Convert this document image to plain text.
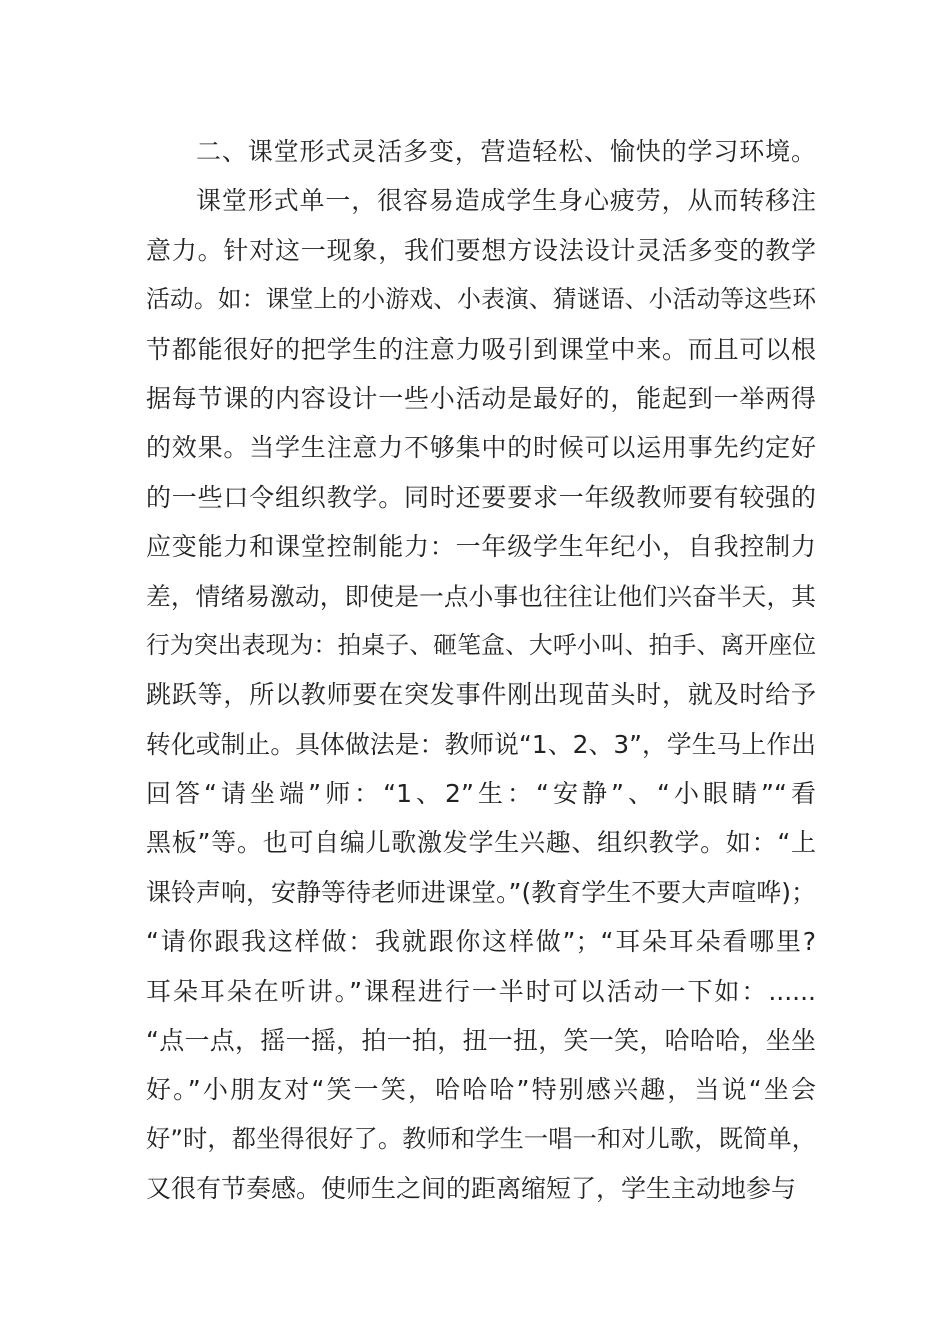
二、课堂形式灵活多变，营造轻松、愉快的学习环境。
课堂形式单一，很容易造成学生身心疲劳，从而转移注
意力。针对这一现象，我们要想方设法设计灵活多变的教学
活动。如：课堂上的小游戏、小表演、猜谜语、小活动等这些环
节都能很好的把学生的注意力吸引到课堂中来。而且可以根
据每节课的内容设计一些小活动是最好的，能起到一举两得
的效果。当学生注意力不够集中的时候可以运用事先约定好
的一些口令组织教学。同时还要要求一年级教师要有较强的
应变能力和课堂控制能力：一年级学生年纪小，自我控制力
差，情绪易激动，即使是一点小事也往往让他们兴奋半天，其
行为突出表现为：拍桌子、砸笔盒、大呼小叫、拍手、离开座位
跳跃等，所以教师要在突发事件刚出现苗头时，就及时给予
转化或制止。具体做法是：教师说“1、2、3”，学生马上作出
回答“请坐端”师：“1、2”生：“安静”、“小眼睛”“看
黑板”等。也可自编儿歌激发学生兴趣、组织教学。如：“上
课铃声响，安静等待老师进课堂。”(教育学生不要大声喧哗)；
“请你跟我这样做：我就跟你这样做”；“耳朵耳朵看哪里?
耳朵耳朵在听讲。”课程进行一半时可以活动一下如：......
“点一点，摇一摇，拍一拍，扭一扭，笑一笑，哈哈哈，坐坐
好。”小朋友对“笑一笑，哈哈哈”特别感兴趣，当说“坐会
好”时，都坐得很好了。教师和学生一唱一和对儿歌，既简单，
又很有节奏感。使师生之间的距离缩短了，学生主动地参与
